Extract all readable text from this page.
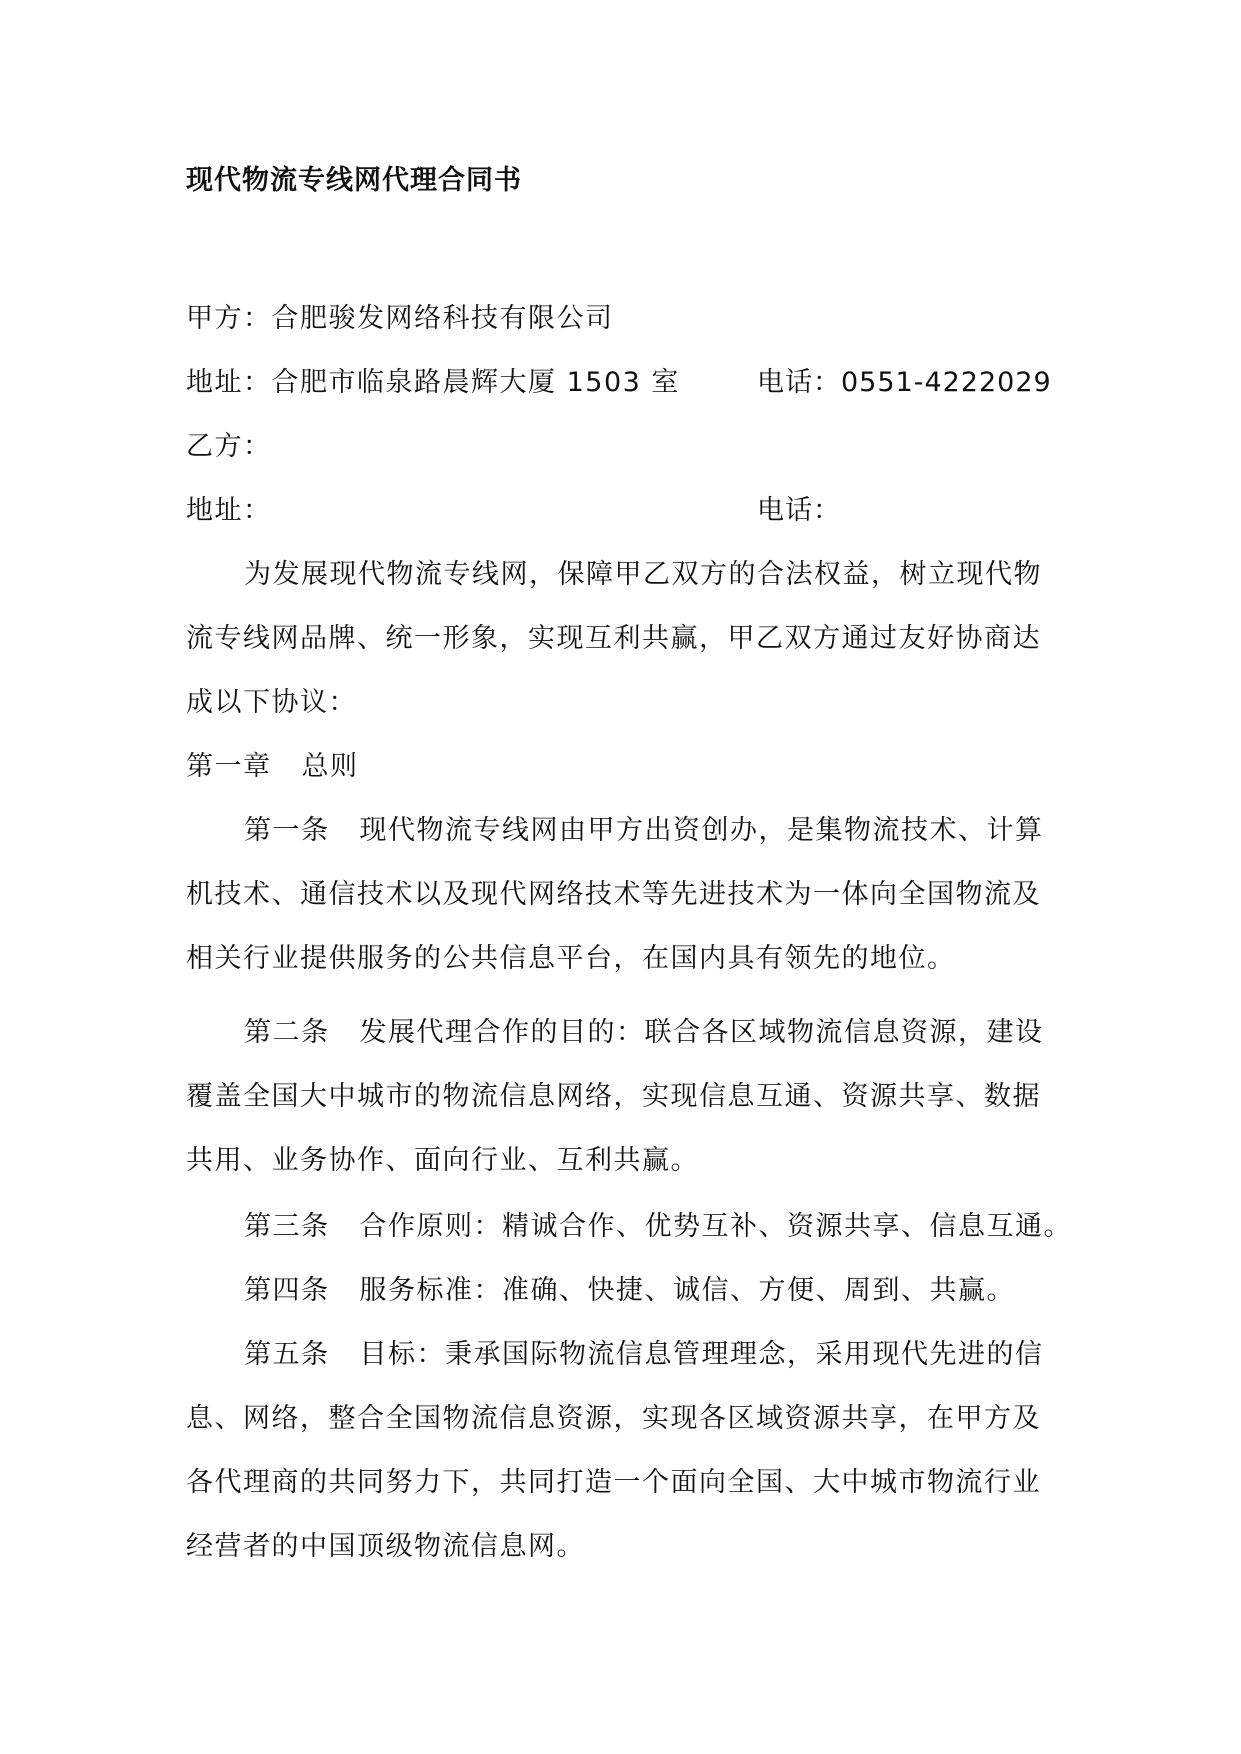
现代物流专线网代理合同书
甲方：合肥骏发网络科技有限公司
地址：合肥市临泉路晨辉大厦 1503 室	电话：0551-4222029
乙方：
地址：	电话：
为发展现代物流专线网，保障甲乙双方的合法权益，树立现代物
流专线网品牌、统一形象，实现互利共赢，甲乙双方通过友好协商达
成以下协议：
第一章 总则
第一条 现代物流专线网由甲方出资创办，是集物流技术、计算
机技术、通信技术以及现代网络技术等先进技术为一体向全国物流及
相关行业提供服务的公共信息平台，在国内具有领先的地位。
第二条 发展代理合作的目的：联合各区域物流信息资源，建设
覆盖全国大中城市的物流信息网络，实现信息互通、资源共享、数据
共用、业务协作、面向行业、互利共赢。
第三条 合作原则：精诚合作、优势互补、资源共享、信息互通。
第四条 服务标准：准确、快捷、诚信、方便、周到、共赢。
第五条 目标：秉承国际物流信息管理理念，采用现代先进的信
息、网络，整合全国物流信息资源，实现各区域资源共享，在甲方及
各代理商的共同努力下，共同打造一个面向全国、大中城市物流行业
经营者的中国顶级物流信息网。
